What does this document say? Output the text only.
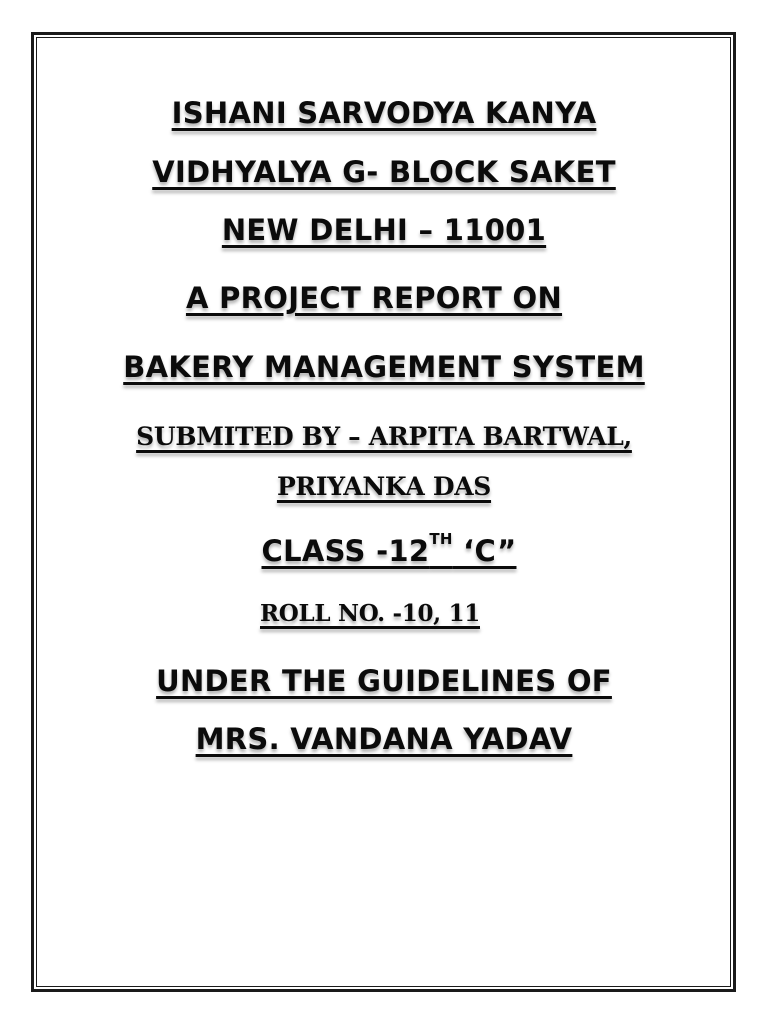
ISHANI SARVODYA KANYA

VIDHYALYA G- BLOCK SAKET

NEW DELHI – 11001

A PROJECT REPORT ON

BAKERY MANAGEMENT SYSTEM

SUBMITED BY – ARPITA BARTWAL,

PRIYANKA DAS

CLASS -12TH ‘C”

ROLL NO. -10, 11

UNDER THE GUIDELINES OF

MRS. VANDANA YADAV
